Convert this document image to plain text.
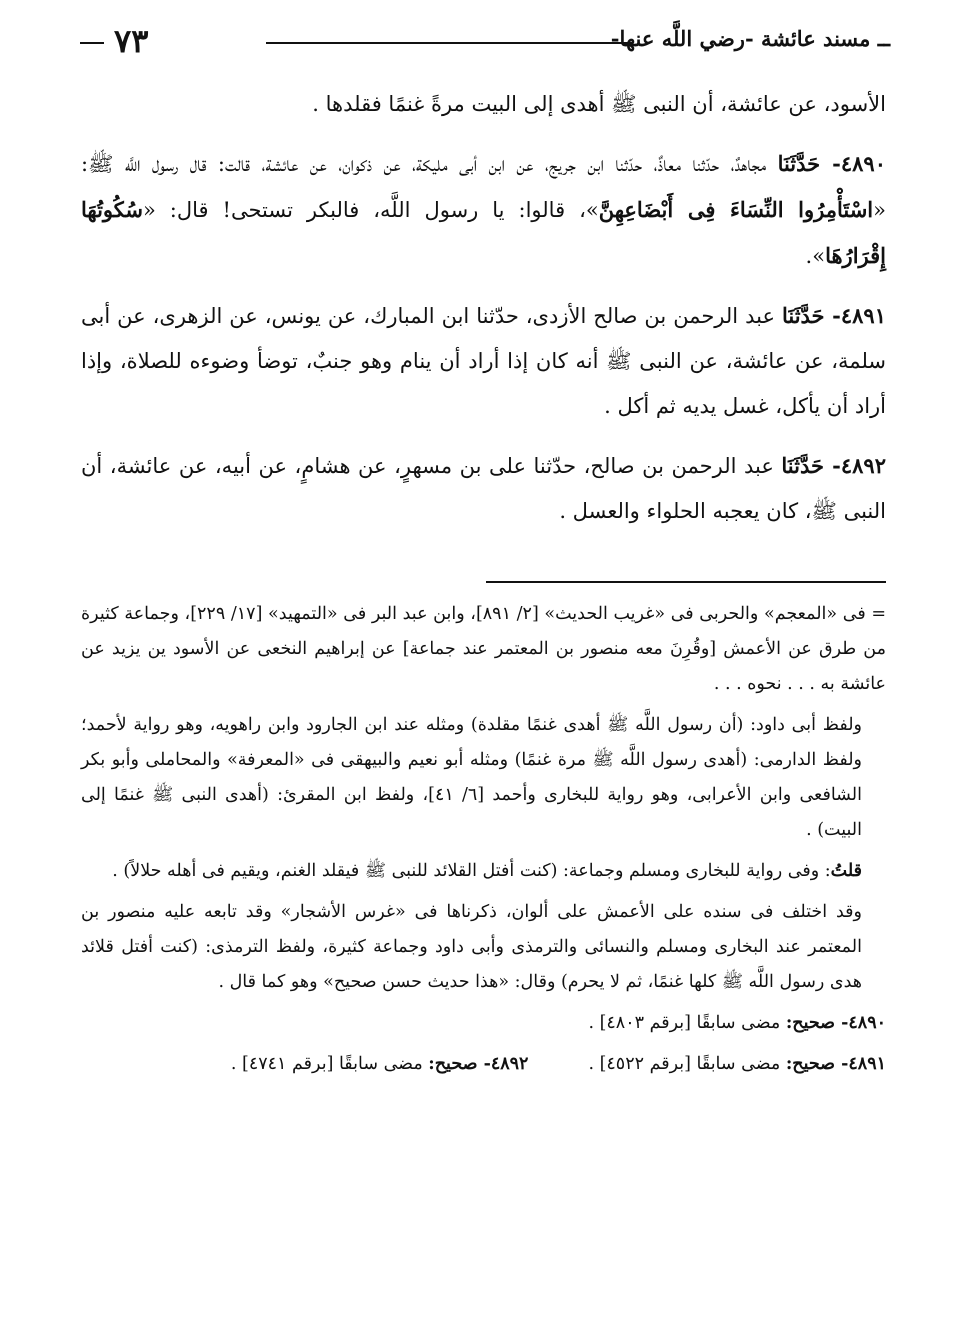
ــ مسند عائشة -رضي اللَّه عنها-
٧٣

الأسود، عن عائشة، أن النبى ﷺ أهدى إلى البيت مرةً غنمًا فقلدها .

٤٨٩٠- حَدَّثَنَا مجاهدٌ، حدّثنا معاذٌ، حدّثنا ابن جريج، عن ابن أبى مليكة، عن ذكوان، عن عائشة، قالت: قال رسول اللَّه ﷺ: «اسْتَأْمِرُوا النِّسَاءَ فِى أَبْضَاعِهِنَّ»، قالوا: يا رسول اللَّه، فالبكر تستحى! قال: «سُكُوتُهَا إِقْرَارُهَا».

٤٨٩١- حَدَّثَنَا عبد الرحمن بن صالح الأزدى، حدّثنا ابن المبارك، عن يونس، عن الزهرى، عن أبى سلمة، عن عائشة، عن النبى ﷺ أنه كان إذا أراد أن ينام وهو جنبٌ، توضأ وضوءه للصلاة، وإذا أراد أن يأكل، غسل يديه ثم أكل .

٤٨٩٢- حَدَّثَنَا عبد الرحمن بن صالح، حدّثنا على بن مسهرٍ، عن هشامٍ، عن أبيه، عن عائشة، أن النبى ﷺ، كان يعجبه الحلواء والعسل .

= فى «المعجم» والحربى فى «غريب الحديث» [٢/ ٨٩١]، وابن عبد البر فى «التمهيد» [١٧/ ٢٢٩]، وجماعة كثيرة من طرق عن الأعمش [وقُرِنَ معه منصور بن المعتمر عند جماعة] عن إبراهيم النخعى عن الأسود ين يزيد عن عائشة به . . . نحوه . . .

ولفظ أبى داود: (أن رسول اللَّه ﷺ أهدى غنمًا مقلدة) ومثله عند ابن الجارود وابن راهويه، وهو رواية لأحمد؛ ولفظ الدارمى: (أهدى رسول اللَّه ﷺ مرة غنمًا) ومثله أبو نعيم والبيهقى فى «المعرفة» والمحاملى وأبو بكر الشافعى وابن الأعرابى، وهو رواية للبخارى وأحمد [٦/ ٤١]، ولفظ ابن المقرئ: (أهدى النبى ﷺ غنمًا إلى البيت) .

قلتُ: وفى رواية للبخارى ومسلم وجماعة: (كنت أفتل القلائد للنبى ﷺ فيقلد الغنم، ويقيم فى أهله حلالاً) .

وقد اختلف فى سنده على الأعمش على ألوان، ذكرناها فى «غرس الأشجار» وقد تابعه عليه منصور بن المعتمر عند البخارى ومسلم والنسائى والترمذى وأبى داود وجماعة كثيرة، ولفظ الترمذى: (كنت أفتل قلائد هدى رسول اللَّه ﷺ كلها غنمًا، ثم لا يحرم) وقال: «هذا حديث حسن صحيح» وهو كما قال .

٤٨٩٠- صحيح: مضى سابقًا [برقم ٤٨٠٣] .

٤٨٩١- صحيح: مضى سابقًا [برقم ٤٥٢٢] .

٤٨٩٢- صحيح: مضى سابقًا [برقم ٤٧٤١] .
